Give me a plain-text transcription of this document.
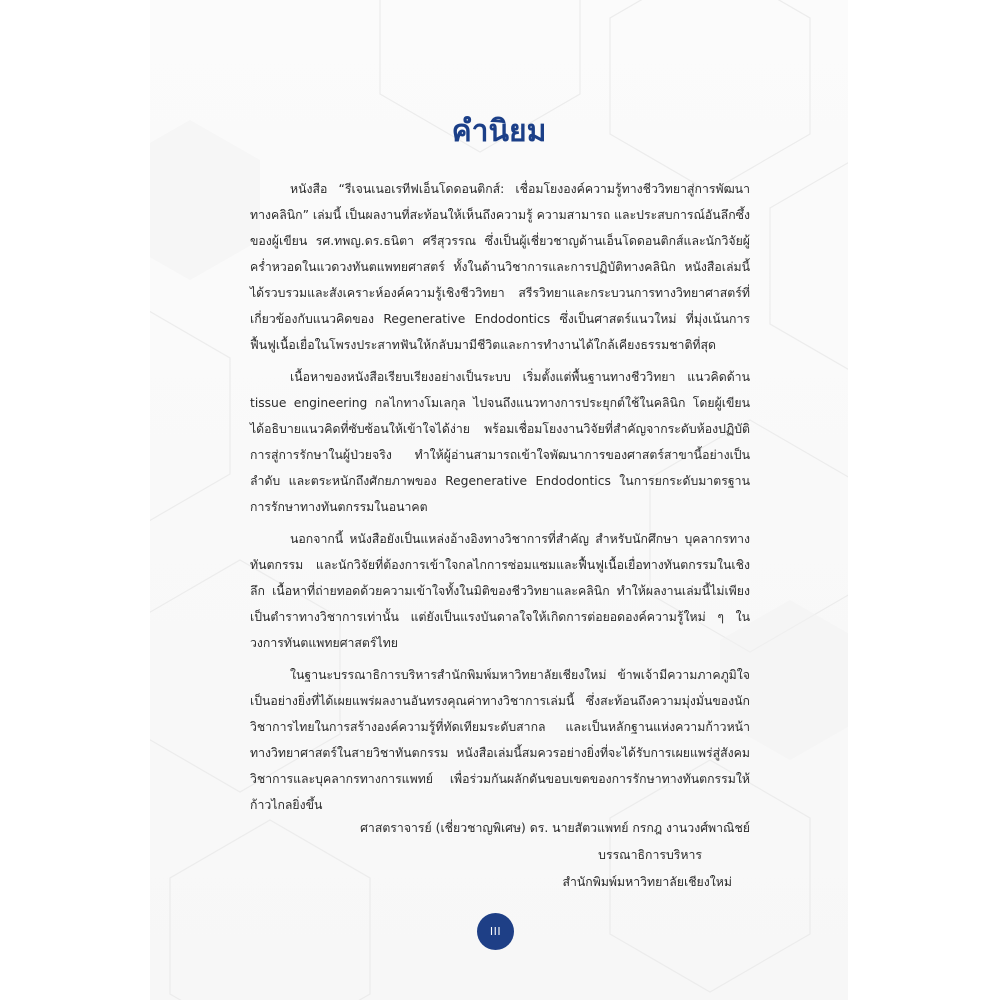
คำนิยม

หนังสือ “รีเจนเนอเรทีฟเอ็นโดดอนติกส์: เชื่อมโยงองค์ความรู้ทางชีววิทยาสู่การพัฒนาทางคลินิก” เล่มนี้ เป็นผลงานที่สะท้อนให้เห็นถึงความรู้ ความสามารถ และประสบการณ์อันลึกซึ้งของผู้เขียน รศ.ทพญ.ดร.ธนิตา ศรีสุวรรณ ซึ่งเป็นผู้เชี่ยวชาญด้านเอ็นโดดอนติกส์และนักวิจัยผู้คร่ำหวอดในแวดวงทันตแพทยศาสตร์ ทั้งในด้านวิชาการและการปฏิบัติทางคลินิก หนังสือเล่มนี้ได้รวบรวมและสังเคราะห์องค์ความรู้เชิงชีววิทยา สรีรวิทยาและกระบวนการทางวิทยาศาสตร์ที่เกี่ยวข้องกับแนวคิดของ Regenerative Endodontics ซึ่งเป็นศาสตร์แนวใหม่ ที่มุ่งเน้นการฟื้นฟูเนื้อเยื่อในโพรงประสาทฟันให้กลับมามีชีวิตและการทำงานได้ใกล้เคียงธรรมชาติที่สุด

เนื้อหาของหนังสือเรียบเรียงอย่างเป็นระบบ เริ่มตั้งแต่พื้นฐานทางชีววิทยา แนวคิดด้าน tissue engineering กลไกทางโมเลกุล ไปจนถึงแนวทางการประยุกต์ใช้ในคลินิก โดยผู้เขียนได้อธิบายแนวคิดที่ซับซ้อนให้เข้าใจได้ง่าย พร้อมเชื่อมโยงงานวิจัยที่สำคัญจากระดับห้องปฏิบัติการสู่การรักษาในผู้ป่วยจริง ทำให้ผู้อ่านสามารถเข้าใจพัฒนาการของศาสตร์สาขานี้อย่างเป็นลำดับ และตระหนักถึงศักยภาพของ Regenerative Endodontics ในการยกระดับมาตรฐานการรักษาทางทันตกรรมในอนาคต

นอกจากนี้ หนังสือยังเป็นแหล่งอ้างอิงทางวิชาการที่สำคัญ สำหรับนักศึกษา บุคลากรทางทันตกรรม และนักวิจัยที่ต้องการเข้าใจกลไกการซ่อมแซมและฟื้นฟูเนื้อเยื่อทางทันตกรรมในเชิงลึก เนื้อหาที่ถ่ายทอดด้วยความเข้าใจทั้งในมิติของชีววิทยาและคลินิก ทำให้ผลงานเล่มนี้ไม่เพียงเป็นตำราทางวิชาการเท่านั้น แต่ยังเป็นแรงบันดาลใจให้เกิดการต่อยอดองค์ความรู้ใหม่ ๆ ในวงการทันตแพทยศาสตร์ไทย

ในฐานะบรรณาธิการบริหารสำนักพิมพ์มหาวิทยาลัยเชียงใหม่ ข้าพเจ้ามีความภาคภูมิใจเป็นอย่างยิ่งที่ได้เผยแพร่ผลงานอันทรงคุณค่าทางวิชาการเล่มนี้ ซึ่งสะท้อนถึงความมุ่งมั่นของนักวิชาการไทยในการสร้างองค์ความรู้ที่ทัดเทียมระดับสากล และเป็นหลักฐานแห่งความก้าวหน้าทางวิทยาศาสตร์ในสายวิชาทันตกรรม หนังสือเล่มนี้สมควรอย่างยิ่งที่จะได้รับการเผยแพร่สู่สังคมวิชาการและบุคลากรทางการแพทย์ เพื่อร่วมกันผลักดันขอบเขตของการรักษาทางทันตกรรมให้ก้าวไกลยิ่งขึ้น

ศาสตราจารย์ (เชี่ยวชาญพิเศษ) ดร. นายสัตวแพทย์ กรกฎ งานวงศ์พาณิชย์
บรรณาธิการบริหาร
สำนักพิมพ์มหาวิทยาลัยเชียงใหม่
III
